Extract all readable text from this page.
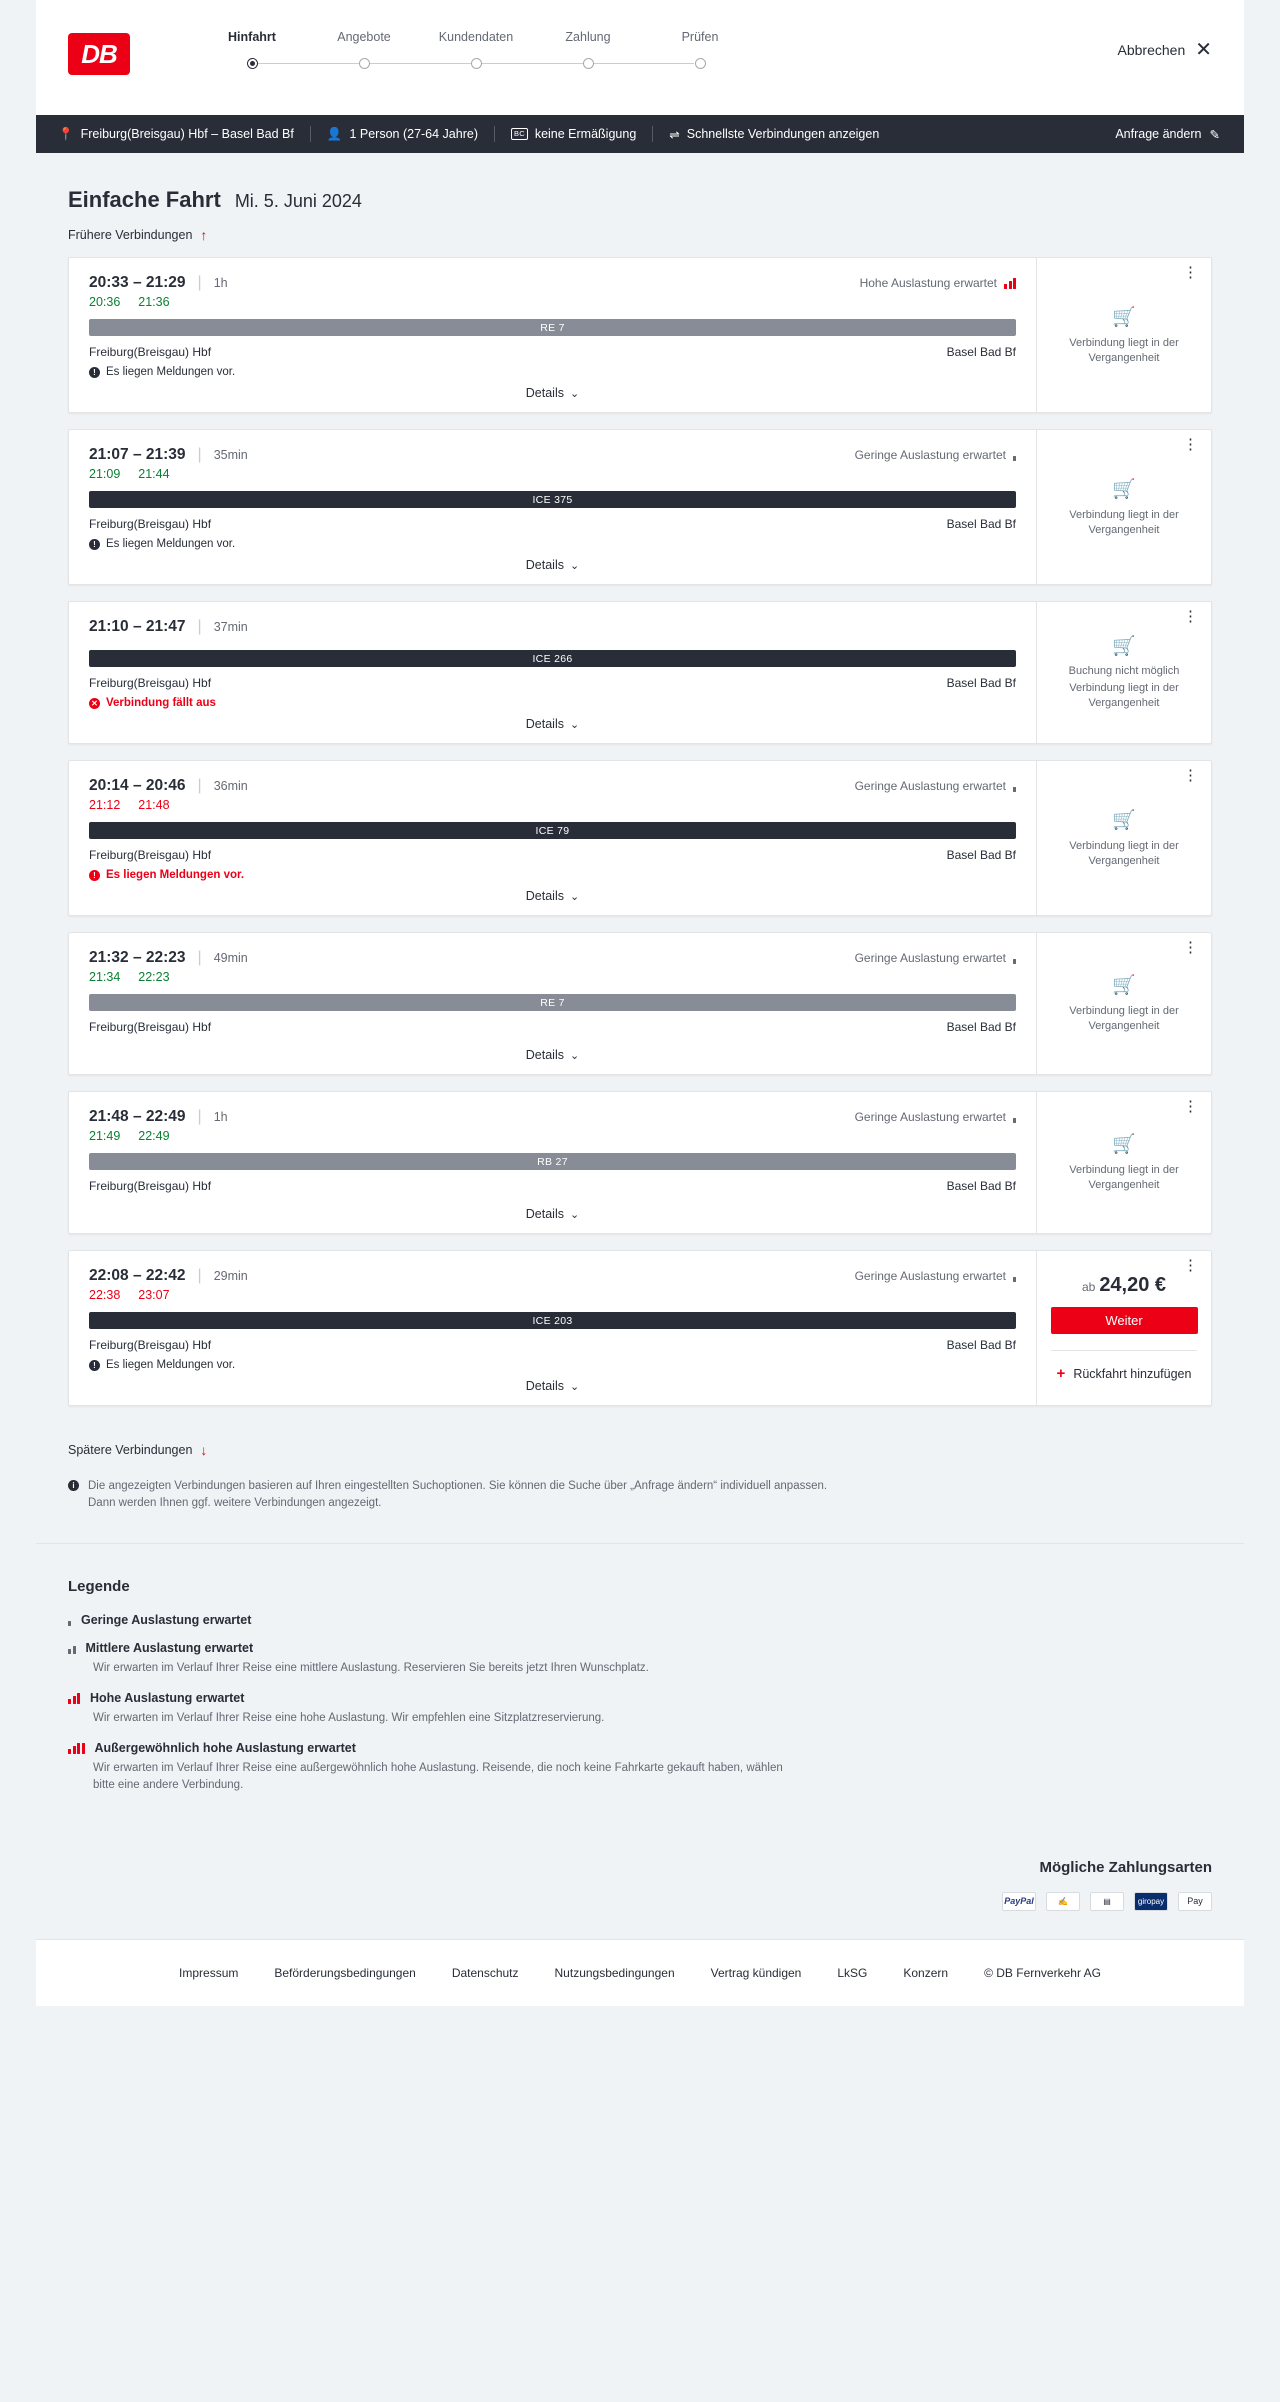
DB
Hinfahrt	Angebote	Kundendaten	Zahlung	Prüfen
Abbrechen ✕
📍 Freiburg(Breisgau) Hbf – Basel Bad Bf	👤 1 Person (27-64 Jahre)	BC keine Ermäßigung	⇌ Schnellste Verbindungen anzeigen	Anfrage ändern ✎
Einfache Fahrt Mi. 5. Juni 2024
Frühere Verbindungen ↑
20:33 – 21:29 | 1h	Hohe Auslastung erwartet
20:36 21:36
RE 7
Freiburg(Breisgau) Hbf	Basel Bad Bf
! Es liegen Meldungen vor.
Details ⌄
⋮
🛒
Verbindung liegt in der Vergangenheit
21:07 – 21:39 | 35min	Geringe Auslastung erwartet
21:09 21:44
ICE 375
Freiburg(Breisgau) Hbf	Basel Bad Bf
! Es liegen Meldungen vor.
Details ⌄
⋮
🛒
Verbindung liegt in der Vergangenheit
21:10 – 21:47 | 37min
ICE 266
Freiburg(Breisgau) Hbf	Basel Bad Bf
✕ Verbindung fällt aus
Details ⌄
⋮
🛒
Buchung nicht möglich
Verbindung liegt in der Vergangenheit
20:14 – 20:46 | 36min	Geringe Auslastung erwartet
21:12 21:48
ICE 79
Freiburg(Breisgau) Hbf	Basel Bad Bf
! Es liegen Meldungen vor.
Details ⌄
⋮
🛒
Verbindung liegt in der Vergangenheit
21:32 – 22:23 | 49min	Geringe Auslastung erwartet
21:34 22:23
RE 7
Freiburg(Breisgau) Hbf	Basel Bad Bf
Details ⌄
⋮
🛒
Verbindung liegt in der Vergangenheit
21:48 – 22:49 | 1h	Geringe Auslastung erwartet
21:49 22:49
RB 27
Freiburg(Breisgau) Hbf	Basel Bad Bf
Details ⌄
⋮
🛒
Verbindung liegt in der Vergangenheit
22:08 – 22:42 | 29min	Geringe Auslastung erwartet
22:38 23:07
ICE 203
Freiburg(Breisgau) Hbf	Basel Bad Bf
! Es liegen Meldungen vor.
Details ⌄
⋮
ab 24,20 €
Weiter
+ Rückfahrt hinzufügen
Spätere Verbindungen ↓
i	Die angezeigten Verbindungen basieren auf Ihren eingestellten Suchoptionen. Sie können die Suche über „Anfrage ändern“ individuell anpassen. Dann werden Ihnen ggf. weitere Verbindungen angezeigt.
Legende
Geringe Auslastung erwartet
Mittlere Auslastung erwartet
Wir erwarten im Verlauf Ihrer Reise eine mittlere Auslastung. Reservieren Sie bereits jetzt Ihren Wunschplatz.
Hohe Auslastung erwartet
Wir erwarten im Verlauf Ihrer Reise eine hohe Auslastung. Wir empfehlen eine Sitzplatzreservierung.
Außergewöhnlich hohe Auslastung erwartet
Wir erwarten im Verlauf Ihrer Reise eine außergewöhnlich hohe Auslastung. Reisende, die noch keine Fahrkarte gekauft haben, wählen bitte eine andere Verbindung.
Mögliche Zahlungsarten
PayPal	✍	▤	giropay	Pay
Impressum	Beförderungsbedingungen	Datenschutz	Nutzungsbedingungen	Vertrag kündigen	LkSG	Konzern	© DB Fernverkehr AG
